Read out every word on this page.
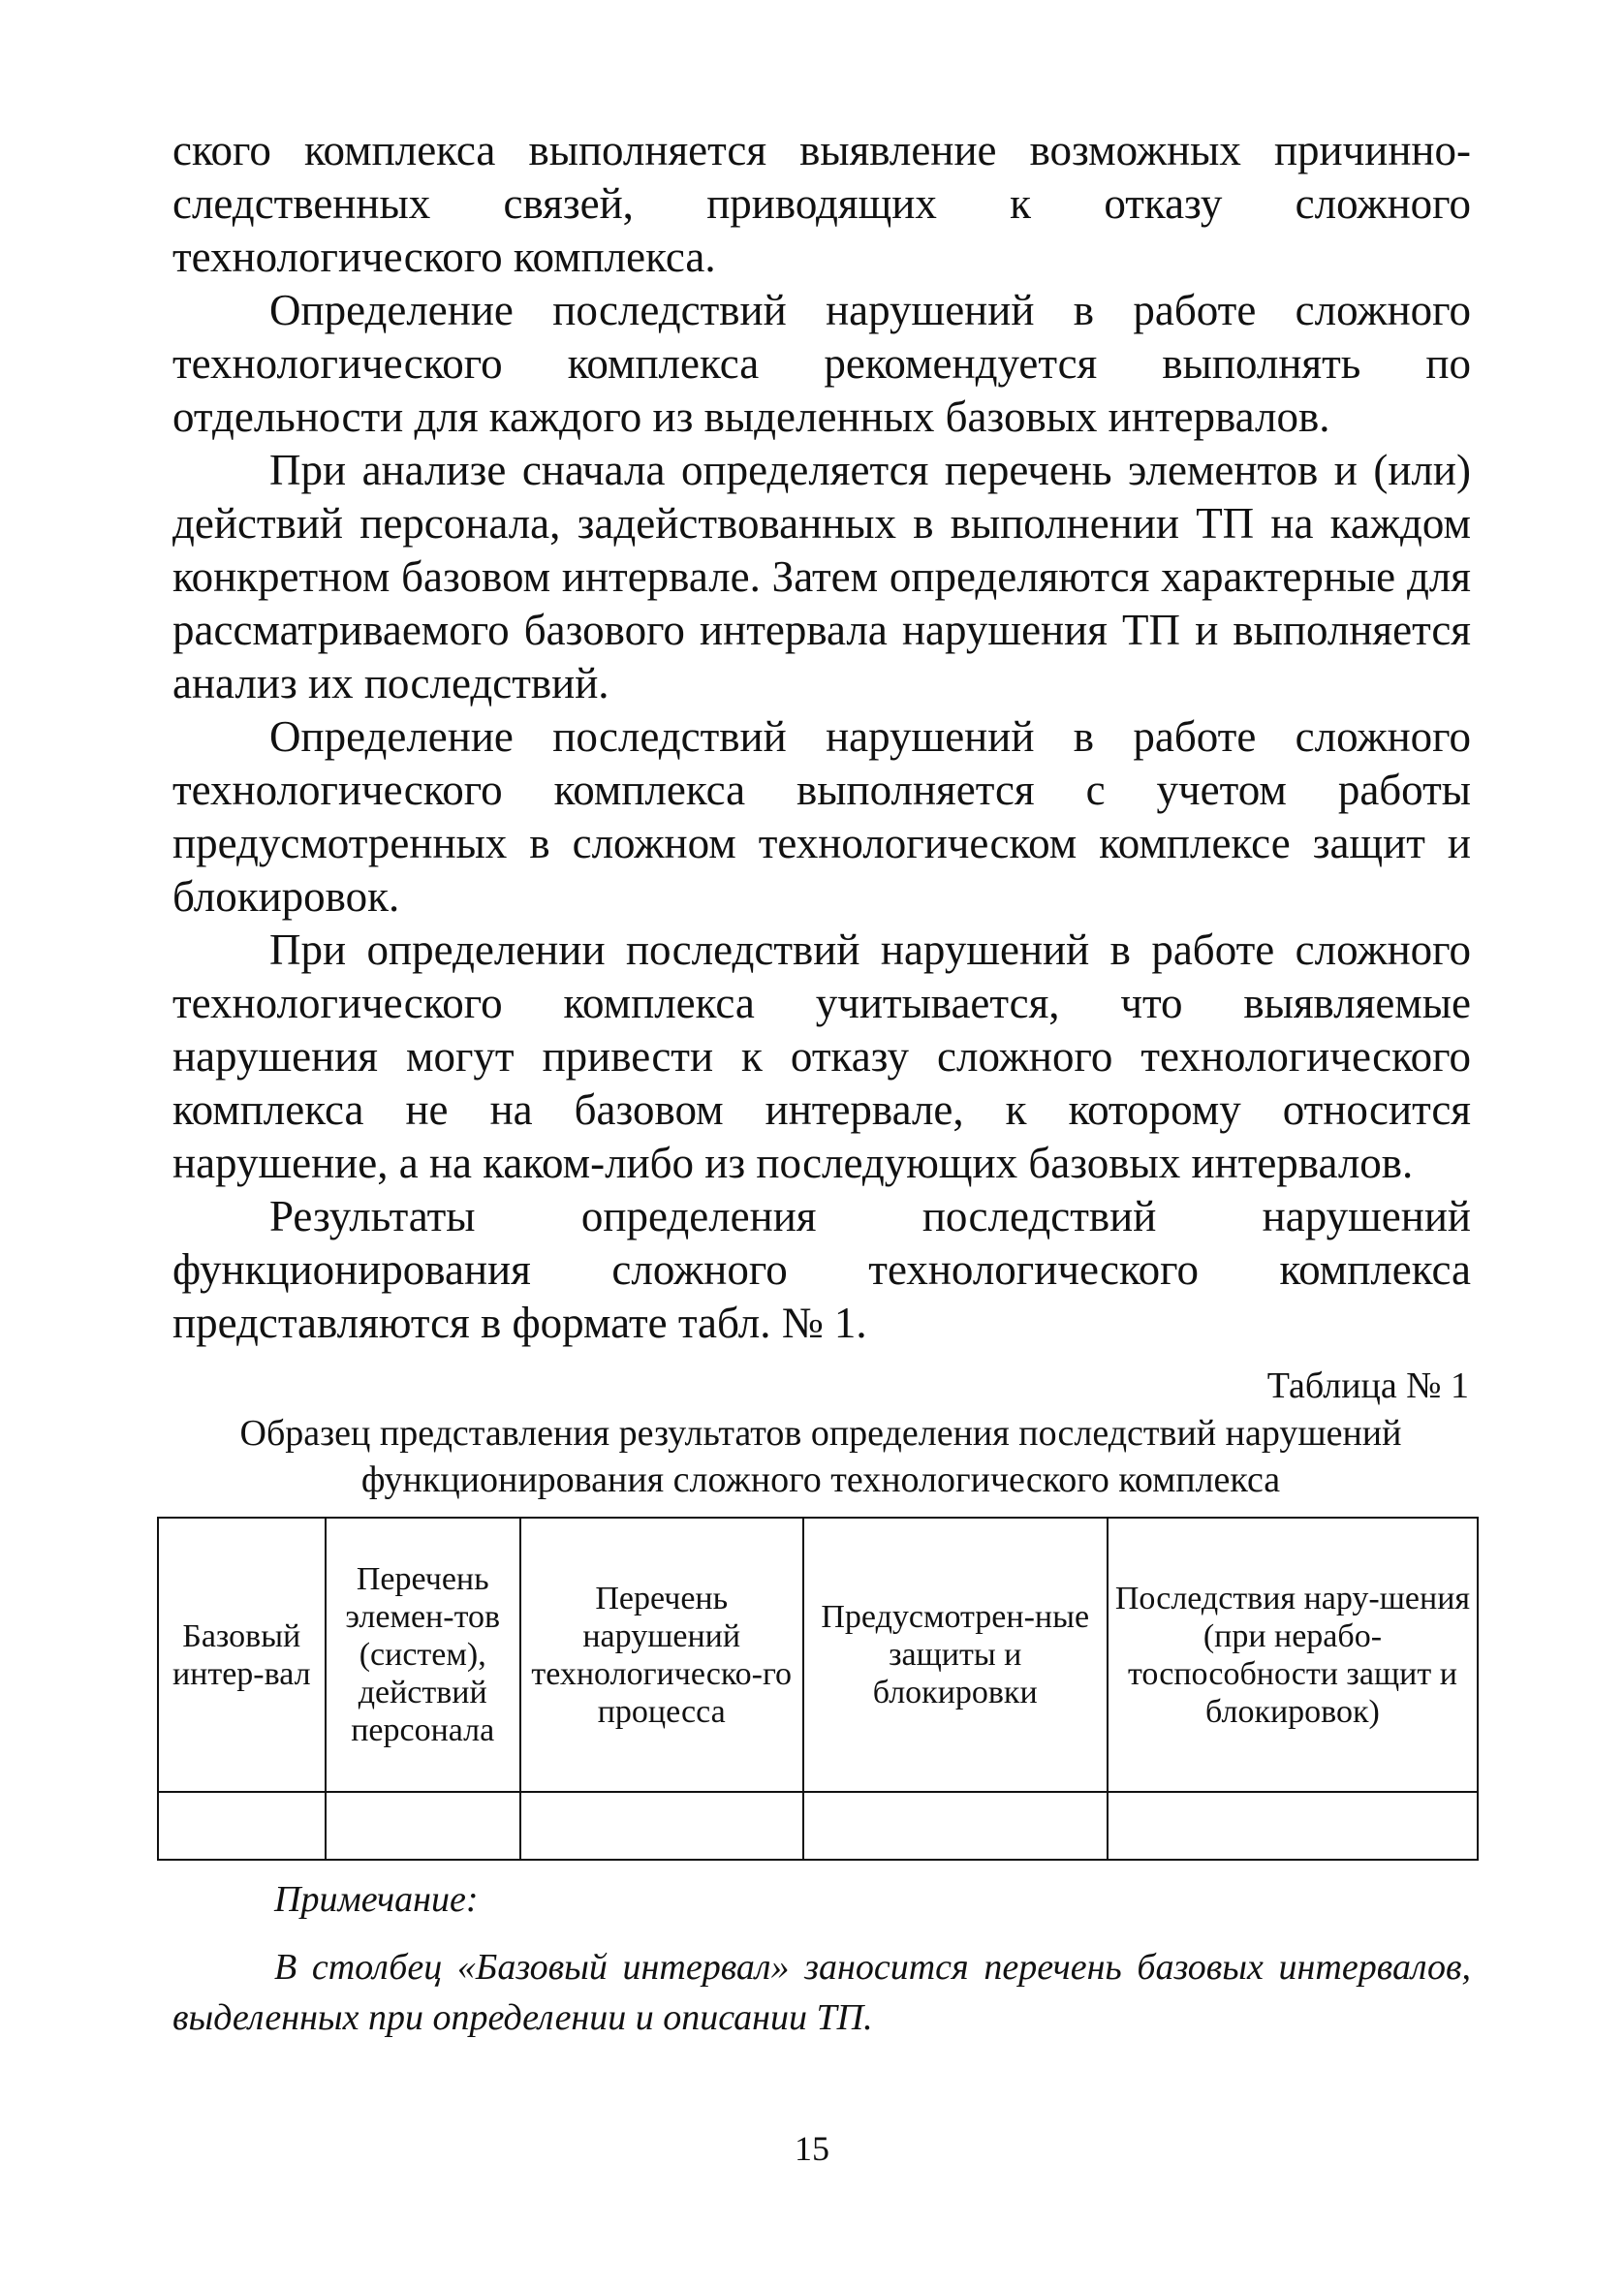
ского комплекса выполняется выявление возможных причинно-следственных связей, приводящих к отказу сложного технологического комплекса.

Определение последствий нарушений в работе сложного технологического комплекса рекомендуется выполнять по отдельности для каждого из выделенных базовых интервалов.

При анализе сначала определяется перечень элементов и (или) действий персонала, задействованных в выполнении ТП на каждом конкретном базовом интервале. Затем определяются характерные для рассматриваемого базового интервала нарушения ТП и выполняется анализ их последствий.

Определение последствий нарушений в работе сложного технологического комплекса выполняется с учетом работы предусмотренных в сложном технологическом комплексе защит и блокировок.

При определении последствий нарушений в работе сложного технологического комплекса учитывается, что выявляемые нарушения могут привести к отказу сложного технологического комплекса не на базовом интервале, к которому относится нарушение, а на каком-либо из последующих базовых интервалов.

Результаты определения последствий нарушений функционирования сложного технологического комплекса представляются в формате табл. № 1.

Таблица № 1
Образец представления результатов определения последствий нарушений
функционирования сложного технологического комплекса
Базовый интер-вал	Перечень элемен-тов (систем), действий персонала	Перечень нарушений технологическо-го процесса	Предусмотрен-ные защиты и блокировки	Последствия нару-шения (при нерабо-тоспособности защит и блокировок)

Примечание:

В столбец «Базовый интервал» заносится перечень базовых интервалов, выделенных при определении и описании ТП.

15
